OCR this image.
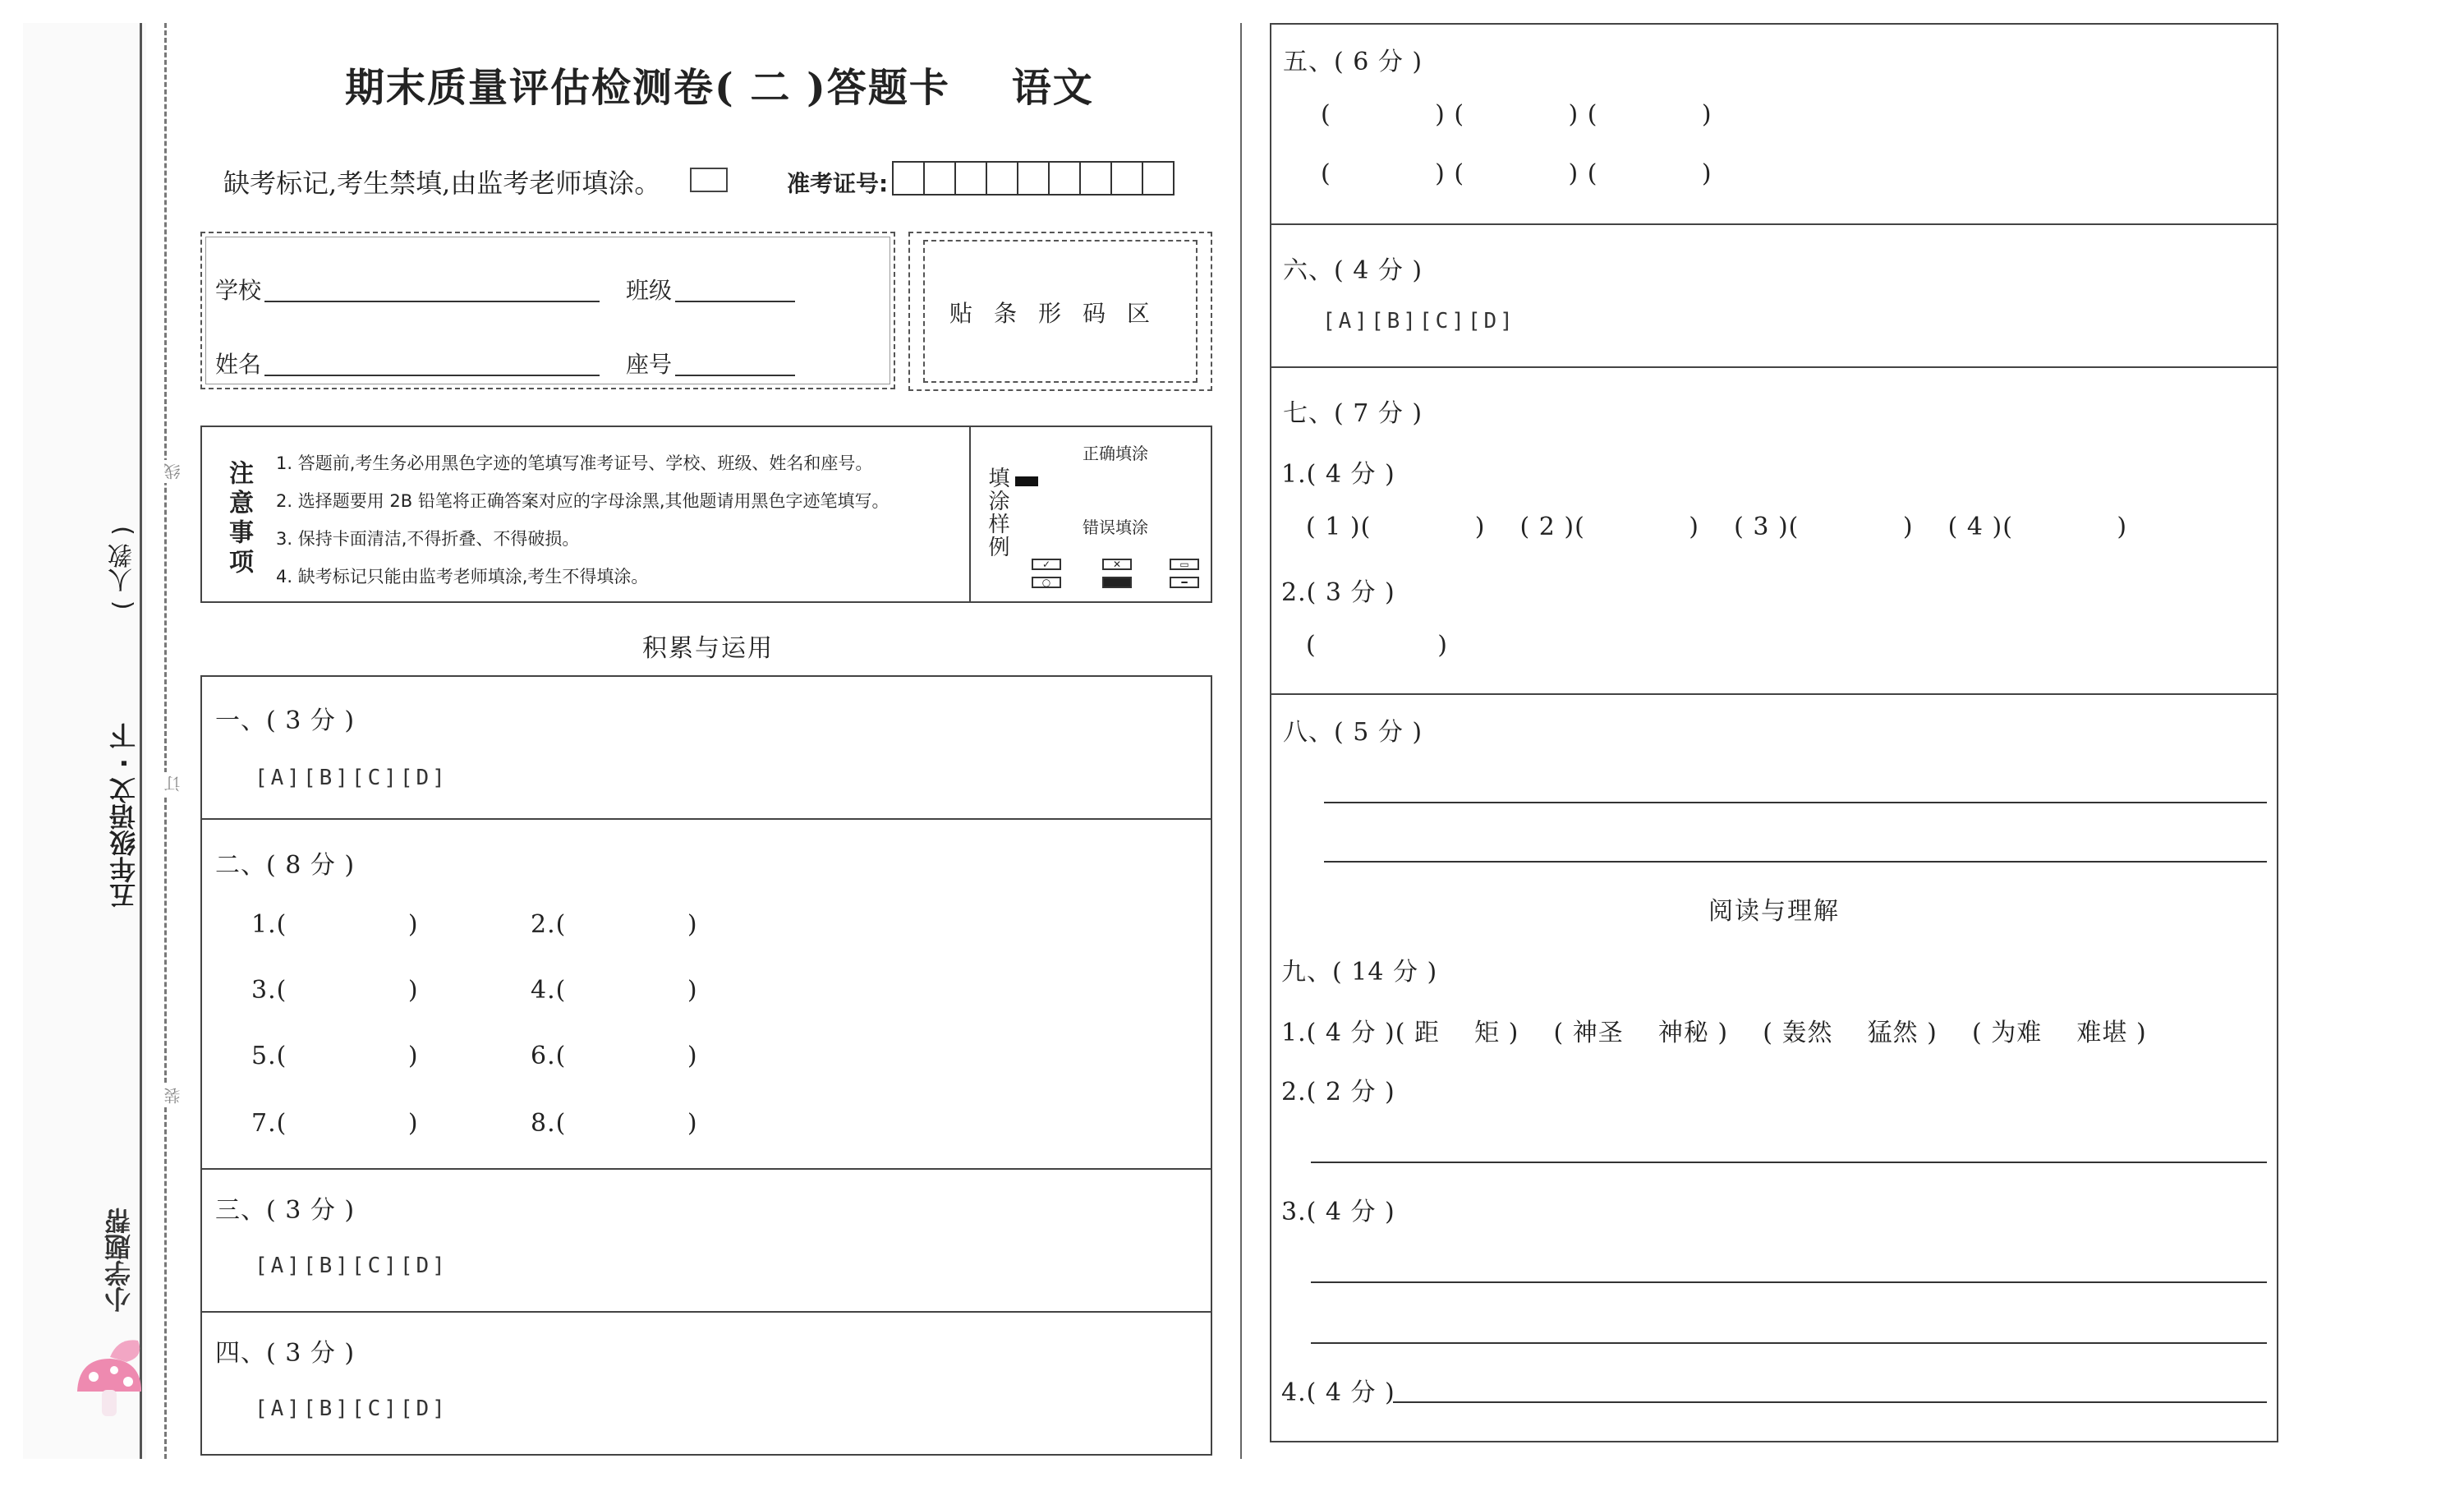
线
订
装
( 人教 )
五年级语文 · 下
小学题帮
期末质量评估检测卷( 二 )答题卡    语文
缺考标记,考生禁填,由监考老师填涂。	准考证号:
学校	班级
姓名	座号
贴条形码区
注意事项 1. 答题前,考生务必用黑色字迹的笔填写准考证号、学校、班级、姓名和座号。
2. 选择题要用 2B 铅笔将正确答案对应的字母涂黑,其他题请用黑色字迹笔填写。
3. 保持卡面清洁,不得折叠、不得破损。
4. 缺考标记只能由监考老师填涂,考生不得填涂。
填涂样例
正确填涂
错误填涂
✓
○
✕	▭
━
积累与运用
一、( 3 分 )
[A][B][C][D]
二、( 8 分 )
1.(              )	2.(              )
3.(              )	4.(              )
5.(              )	6.(              )
7.(              )	8.(              )
三、( 3 分 )
[A][B][C][D]
四、( 3 分 )
[A][B][C][D]
五、( 6 分 )
(            ) (            ) (            )
(            ) (            ) (            )
六、( 4 分 )
[A][B][C][D]
七、( 7 分 )
1.( 4 分 )
( 1 )(            )    ( 2 )(            )    ( 3 )(            )    ( 4 )(            )
2.( 3 分 )
(              )
八、( 5 分 )
阅读与理解
九、( 14 分 )
1.( 4 分 )( 距    矩 )    ( 神圣    神秘 )    ( 轰然    猛然 )    ( 为难    难堪 )
2.( 2 分 )
3.( 4 分 )
4.( 4 分 )
